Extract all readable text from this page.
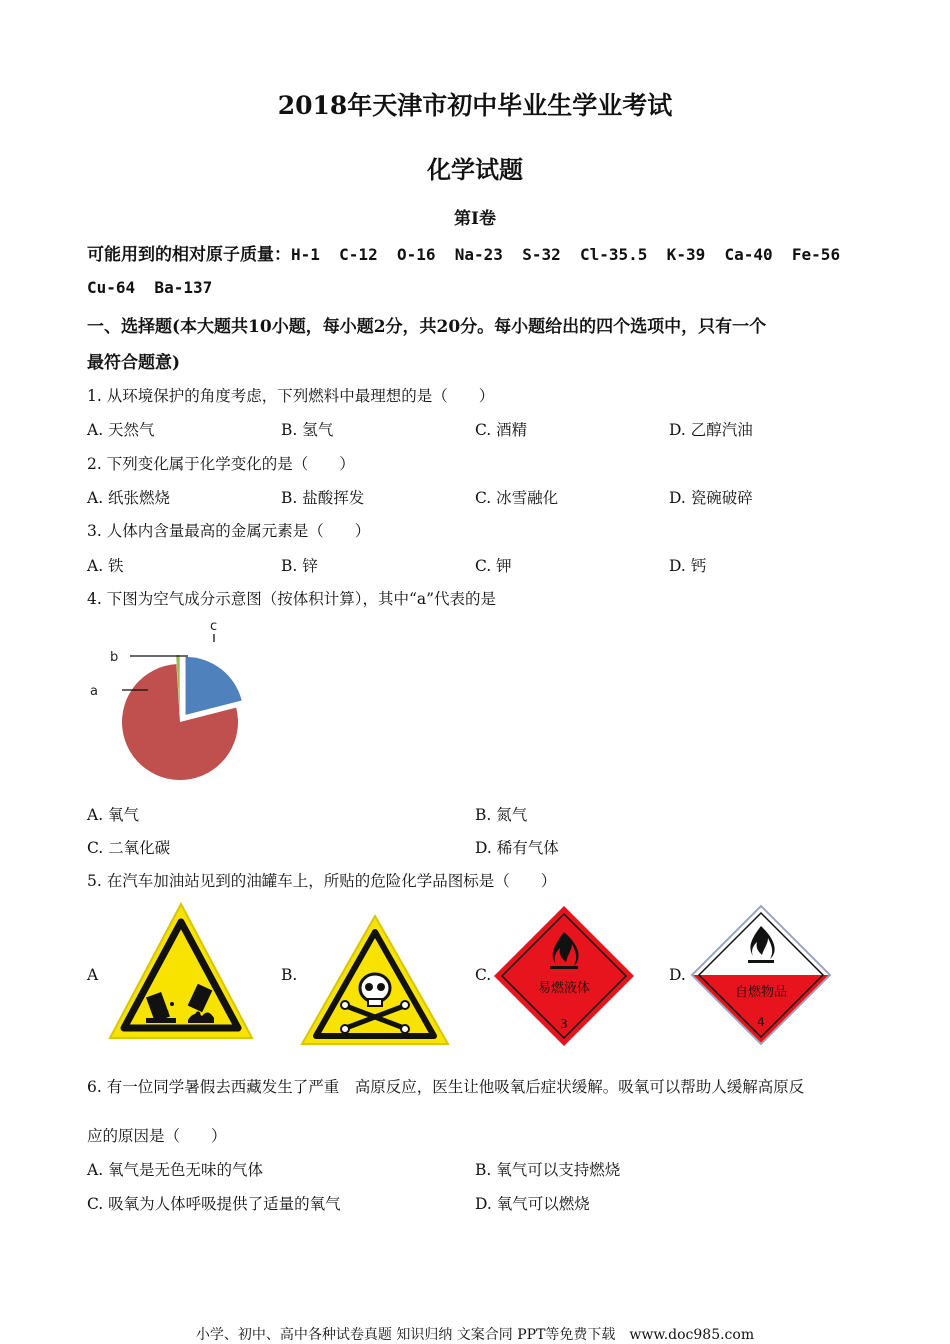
2018年天津市初中毕业生学业考试
化学试题
第Ⅰ卷
可能用到的相对原子质量：H-1  C-12  O-16  Na-23  S-32  Cl-35.5  K-39  Ca-40  Fe-56
Cu-64  Ba-137
一、选择题(本大题共10小题，每小题2分，共20分。每小题给出的四个选项中，只有一个
最符合题意)
1. 从环境保护的角度考虑，下列燃料中最理想的是（　　）
A. 天然气	B. 氢气	C. 酒精	D. 乙醇汽油
2. 下列变化属于化学变化的是（　　）
A. 纸张燃烧	B. 盐酸挥发	C. 冰雪融化	D. 瓷碗破碎
3. 人体内含量最高的金属元素是（　　）
A. 铁	B. 锌	C. 钾	D. 钙
4. 下图为空气成分示意图（按体积计算），其中“a”代表的是
a
b
c
A. 氧气	B. 氮气
C. 二氧化碳	D. 稀有气体
5. 在汽车加油站见到的油罐车上，所贴的危险化学品图标是（　　）
A	B.	C.	D.
易燃液体
3
自燃物品
4
6. 有一位同学暑假去西藏发生了严重　高原反应，医生让他吸氧后症状缓解。吸氧可以帮助人缓解高原反
应的原因是（　　）
A. 氧气是无色无味的气体	B. 氧气可以支持燃烧
C. 吸氧为人体呼吸提供了适量的氧气	D. 氧气可以燃烧
小学、初中、高中各种试卷真题 知识归纳 文案合同 PPT等免费下载　www.doc985.com
